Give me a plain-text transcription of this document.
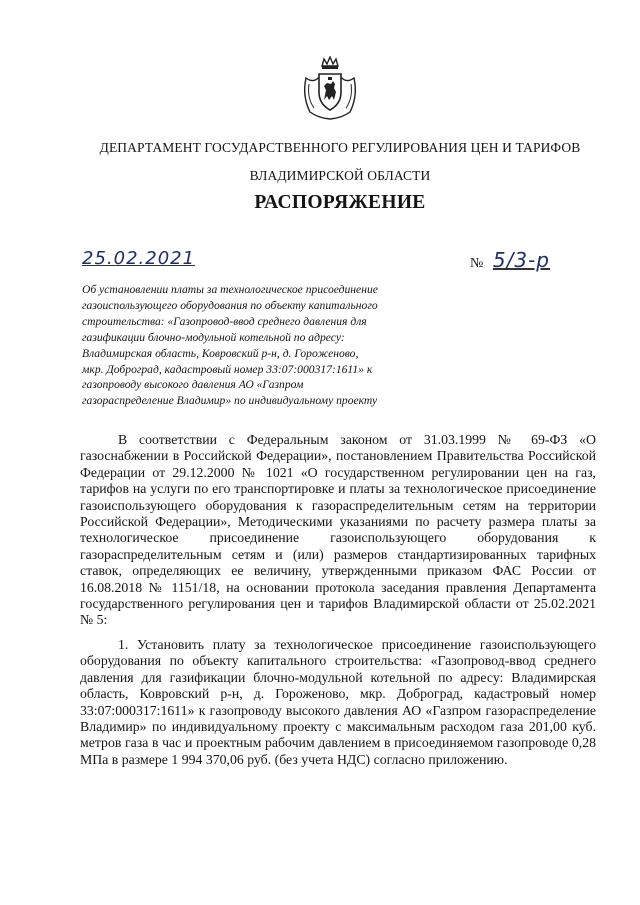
ДЕПАРТАМЕНТ ГОСУДАРСТВЕННОГО РЕГУЛИРОВАНИЯ ЦЕН И ТАРИФОВ
ВЛАДИМИРСКОЙ ОБЛАСТИ
РАСПОРЯЖЕНИЕ
25.02.2021	№ 5/3-р
Об установлении платы за технологическое присоединение газоиспользующего оборудования по объекту капитального строительства: «Газопровод-ввод среднего давления для газификации блочно-модульной котельной по адресу: Владимирская область, Ковровский р-н, д. Гороженово, мкр. Доброград, кадастровый номер 33:07:000317:1611» к газопроводу высокого давления АО «Газпром газораспределение Владимир» по индивидуальному проекту

В соответствии с Федеральным законом от 31.03.1999 № 69-ФЗ «О газоснабжении в Российской Федерации», постановлением Правительства Российской Федерации от 29.12.2000 № 1021 «О государственном регулировании цен на газ, тарифов на услуги по его транспортировке и платы за технологическое присоединение газоиспользующего оборудования к газораспределительным сетям на территории Российской Федерации», Методическими указаниями по расчету размера платы за технологическое присоединение газоиспользующего оборудования к газораспределительным сетям и (или) размеров стандартизированных тарифных ставок, определяющих ее величину, утвержденными приказом ФАС России от 16.08.2018 № 1151/18, на основании протокола заседания правления Департамента государственного регулирования цен и тарифов Владимирской области от 25.02.2021 № 5:

1. Установить плату за технологическое присоединение газоиспользующего оборудования по объекту капитального строительства: «Газопровод-ввод среднего давления для газификации блочно-модульной котельной по адресу: Владимирская область, Ковровский р-н, д. Гороженово, мкр. Доброград, кадастровый номер 33:07:000317:1611» к газопроводу высокого давления АО «Газпром газораспределение Владимир» по индивидуальному проекту с максимальным расходом газа 201,00 куб. метров газа в час и проектным рабочим давлением в присоединяемом газопроводе 0,28 МПа в размере 1 994 370,06 руб. (без учета НДС) согласно приложению.
